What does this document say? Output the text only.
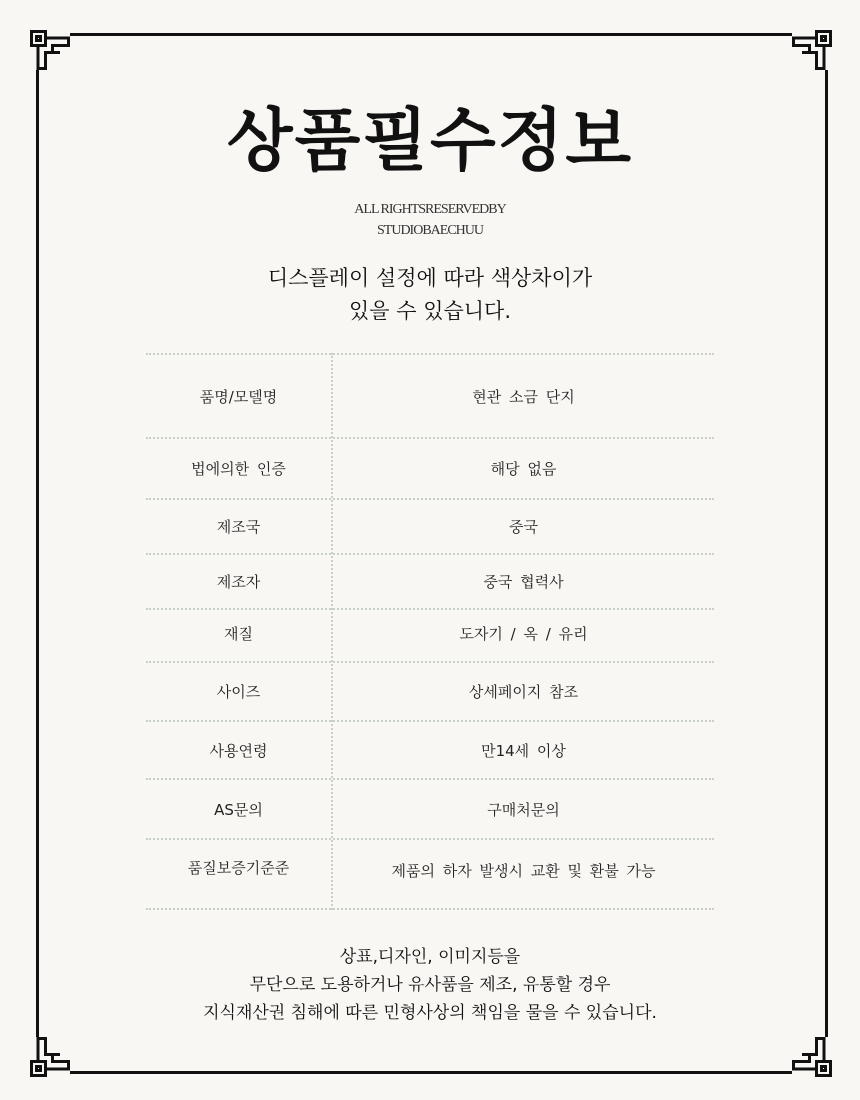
상품필수정보
ALL RIGHTSRESERVEDBY
STUDIOBAECHUU
디스플레이 설정에 따라 색상차이가
있을 수 있습니다.
품명/모델명	현관 소금 단지
법에의한 인증	해당 없음
제조국	중국
제조자	중국 협력사
재질	도자기 / 옥 / 유리
사이즈	상세페이지 참조
사용연령	만14세 이상
AS문의	구매처문의
품질보증기준준	제품의 하자 발생시 교환 및 환불 가능
상표,디자인, 이미지등을
무단으로 도용하거나 유사품을 제조, 유통할 경우
지식재산권 침해에 따른 민형사상의 책임을 물을 수 있습니다.
